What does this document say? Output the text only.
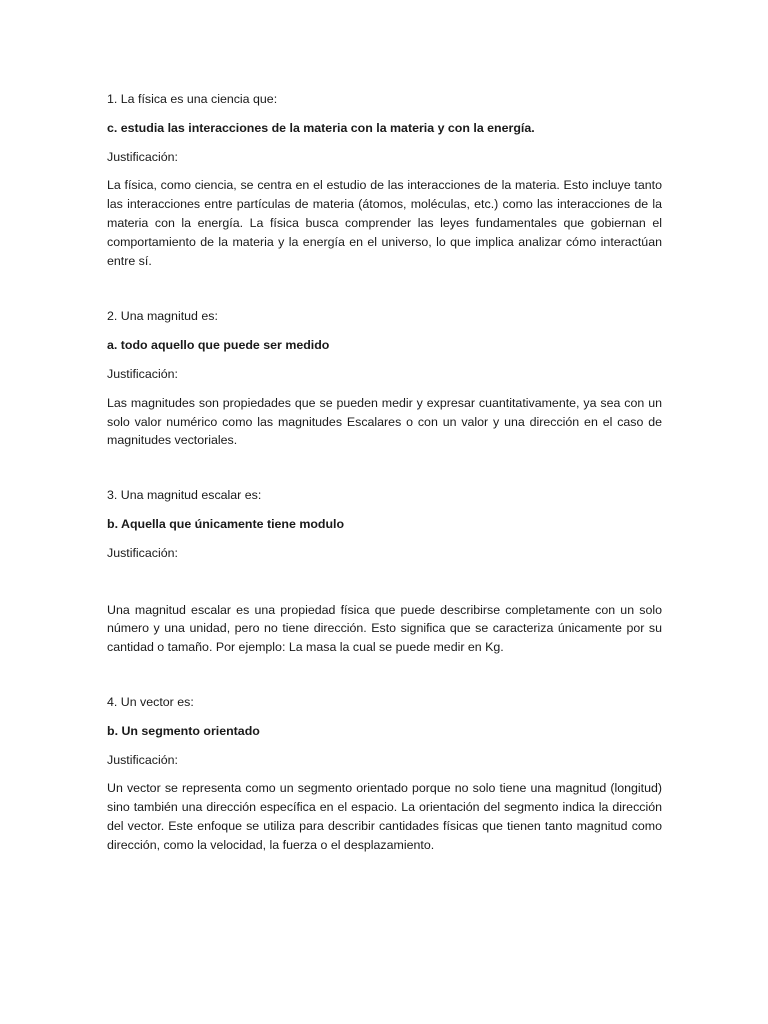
1. La física es una ciencia que:

c. estudia las interacciones de la materia con la materia y con la energía.

Justificación:

La física, como ciencia, se centra en el estudio de las interacciones de la materia. Esto incluye tanto las interacciones entre partículas de materia (átomos, moléculas, etc.) como las interacciones de la materia con la energía. La física busca comprender las leyes fundamentales que gobiernan el comportamiento de la materia y la energía en el universo, lo que implica analizar cómo interactúan entre sí.

2. Una magnitud es:

a. todo aquello que puede ser medido

Justificación:

Las magnitudes son propiedades que se pueden medir y expresar cuantitativamente, ya sea con un solo valor numérico como las magnitudes Escalares o con un valor y una dirección en el caso de magnitudes vectoriales.

3. Una magnitud escalar es:

b. Aquella que únicamente tiene modulo

Justificación:

Una magnitud escalar es una propiedad física que puede describirse completamente con un solo número y una unidad, pero no tiene dirección. Esto significa que se caracteriza únicamente por su cantidad o tamaño. Por ejemplo: La masa la cual se puede medir en Kg.

4. Un vector es:

b. Un segmento orientado

Justificación:

Un vector se representa como un segmento orientado porque no solo tiene una magnitud (longitud) sino también una dirección específica en el espacio. La orientación del segmento indica la dirección del vector. Este enfoque se utiliza para describir cantidades físicas que tienen tanto magnitud como dirección, como la velocidad, la fuerza o el desplazamiento.
